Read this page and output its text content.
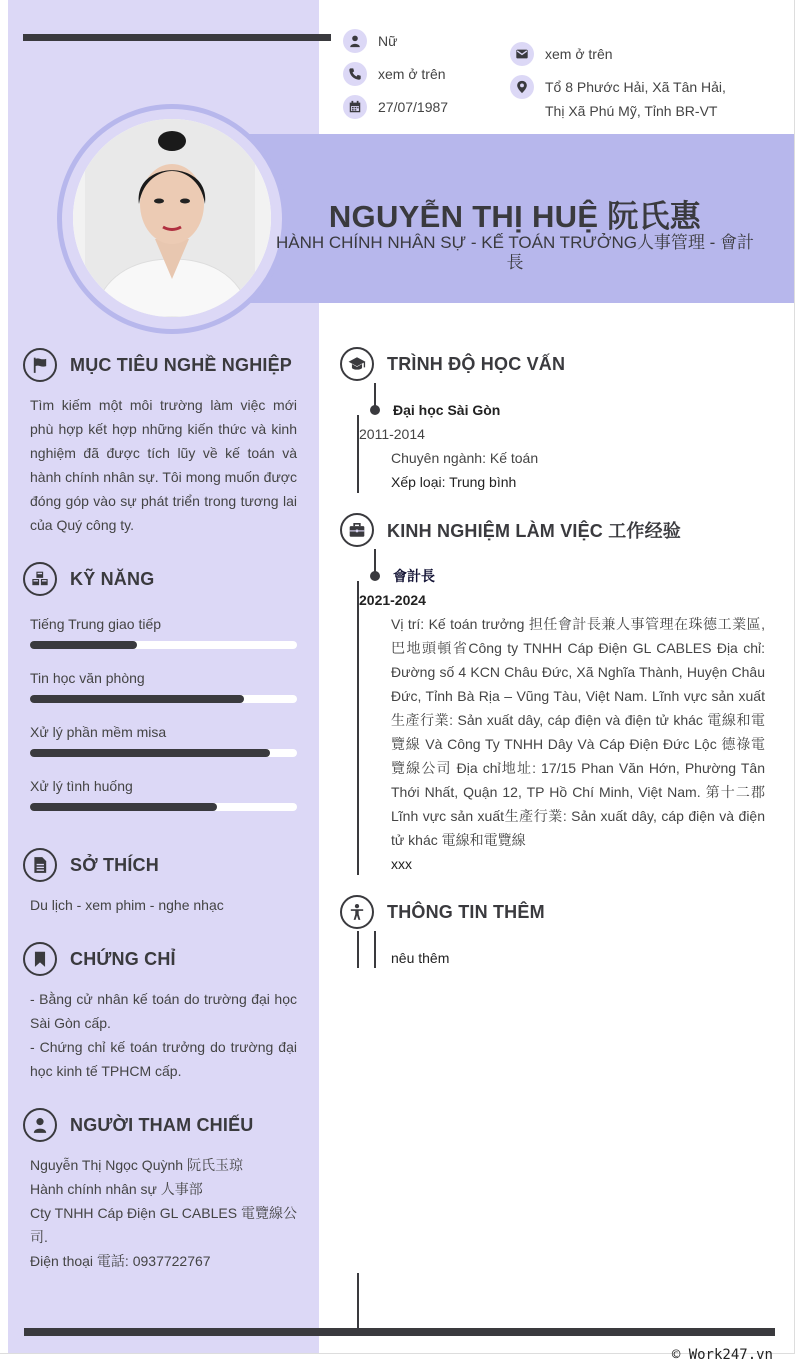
NGUYỄN THỊ HUỆ 阮氏惠
HÀNH CHÍNH NHÂN SỰ - KẾ TOÁN TRƯỞNG人事管理 - 會計長
Nữ
xem ở trên
27/07/1987
xem ở trên
Tổ 8 Phước Hải, Xã Tân Hải,
Thị Xã Phú Mỹ, Tỉnh BR-VT
MỤC TIÊU NGHỀ NGHIỆP
Tìm kiếm một môi trường làm việc mới phù hợp kết hợp những kiến thức và kinh nghiệm đã được tích lũy về kế toán và hành chính nhân sự. Tôi mong muốn được đóng góp vào sự phát triển trong tương lai của Quý công ty.
KỸ NĂNG
Tiếng Trung giao tiếp
Tin học văn phòng
Xử lý phần mềm misa
Xử lý tình huống
SỞ THÍCH
Du lịch - xem phim - nghe nhạc
CHỨNG CHỈ
- Bằng cử nhân kế toán do trường đại học Sài Gòn cấp.
- Chứng chỉ kế toán trưởng do trường đại học kinh tế TPHCM cấp.
NGƯỜI THAM CHIẾU
Nguyễn Thị Ngọc Quỳnh 阮氏玉琼
Hành chính nhân sự 人事部
Cty TNHH Cáp Điện GL CABLES 電覽線公司.
Điện thoại 電話: 0937722767
TRÌNH ĐỘ HỌC VẤN
Đại học Sài Gòn
2011-2014
Chuyên ngành: Kế toán
Xếp loại: Trung bình
KINH NGHIỆM LÀM VIỆC 工作经验
會計長
2021-2024
Vị trí: Kế toán trưởng 担任會計長兼人事管理在珠德工業區,巴地頭頓省Công ty TNHH Cáp Điện GL CABLES Địa chỉ: Đường số 4 KCN Châu Đức, Xã Nghĩa Thành, Huyện Châu Đức, Tỉnh Bà Rịa – Vũng Tàu, Việt Nam. Lĩnh vực sản xuất 生產行業: Sản xuất dây, cáp điện và điện tử khác 電線和電覽線 Và Công Ty TNHH Dây Và Cáp Điện Đức Lộc 德祿電覽線公司 Địa chỉ地址: 17/15 Phan Văn Hớn, Phường Tân Thới Nhất, Quận 12, TP Hồ Chí Minh, Việt Nam. 第十二郡 Lĩnh vực sản xuất生產行業: Sản xuất dây, cáp điện và điện tử khác 電線和電覽線
xxx
THÔNG TIN THÊM
nêu thêm
© Work247.vn
